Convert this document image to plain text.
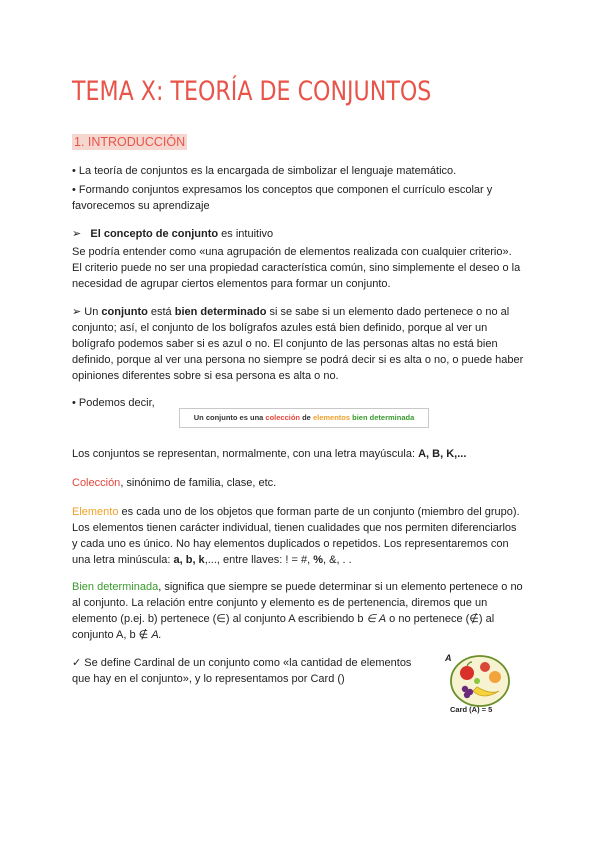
TEMA X: TEORÍA DE CONJUNTOS
1. INTRODUCCIÓN
• La teoría de conjuntos es la encargada de simbolizar el lenguaje matemático.
• Formando conjuntos expresamos los conceptos que componen el currículo escolar y
favorecemos su aprendizaje
➢ El concepto de conjunto es intuitivo
Se podría entender como «una agrupación de elementos realizada con cualquier criterio».
El criterio puede no ser una propiedad característica común, sino simplemente el deseo o la
necesidad de agrupar ciertos elementos para formar un conjunto.
➢ Un conjunto está bien determinado si se sabe si un elemento dado pertenece o no al
conjunto; así, el conjunto de los bolígrafos azules está bien definido, porque al ver un
bolígrafo podemos saber si es azul o no. El conjunto de las personas altas no está bien
definido, porque al ver una persona no siempre se podrá decir si es alta o no, o puede haber
opiniones diferentes sobre si esa persona es alta o no.
• Podemos decir,
Un conjunto es una colección de elementos bien determinada
Los conjuntos se representan, normalmente, con una letra mayúscula: A, B, K,...
Colección, sinónimo de familia, clase, etc.
Elemento es cada uno de los objetos que forman parte de un conjunto (miembro del grupo).
Los elementos tienen carácter individual, tienen cualidades que nos permiten diferenciarlos
y cada uno es único. No hay elementos duplicados o repetidos. Los representaremos con
una letra minúscula: a, b, k,..., entre llaves: ! = #, %, &, . .
Bien determinada, significa que siempre se puede determinar si un elemento pertenece o no
al conjunto. La relación entre conjunto y elemento es de pertenencia, diremos que un
elemento (p.ej. b) pertenece (∈) al conjunto A escribiendo b ∈ A o no pertenece (∉) al
conjunto A, b ∉ A.
✓ Se define Cardinal de un conjunto como «la cantidad de elementos
que hay en el conjunto», y lo representamos por Card ()
A
Card (A) = 5
